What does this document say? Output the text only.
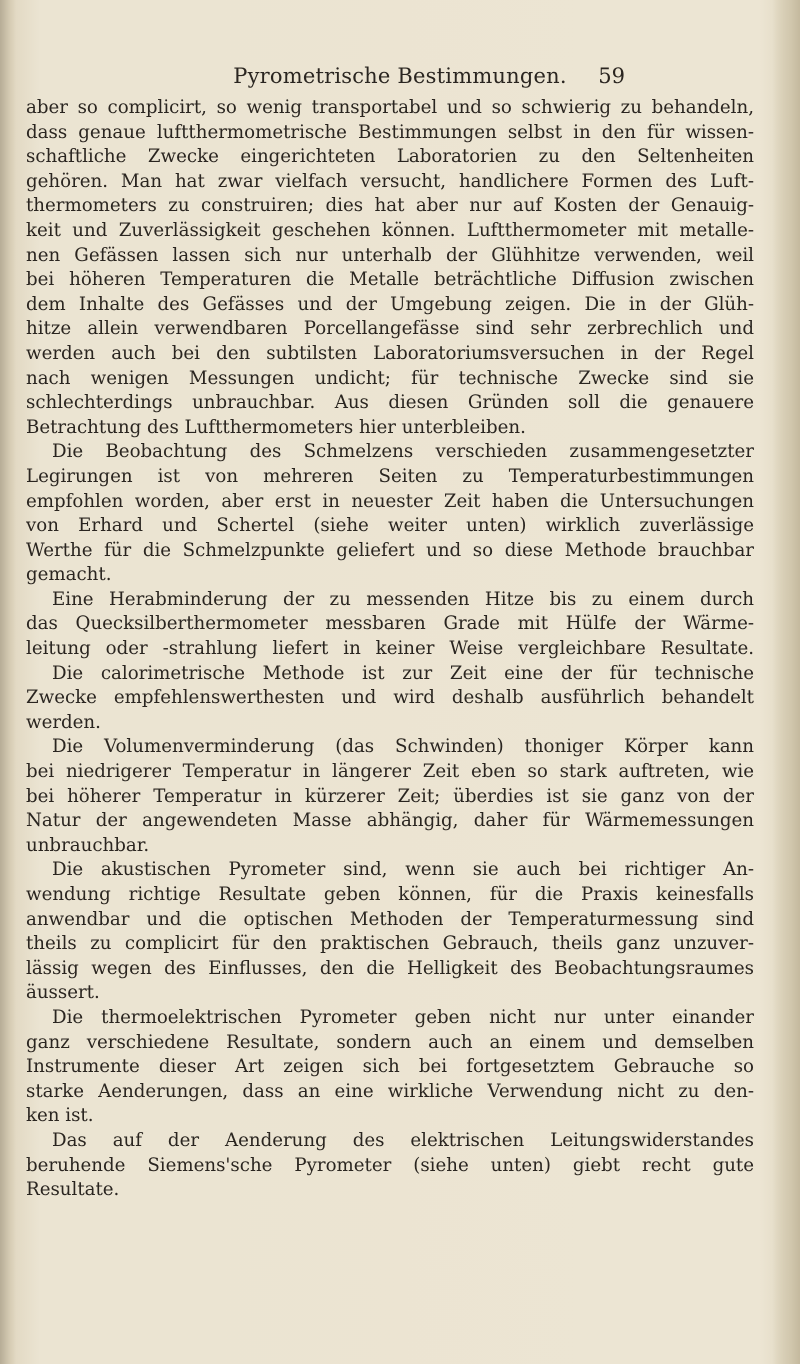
Pyrometrische Bestimmungen.	59
aber so complicirt, so wenig transportabel und so schwierig zu behandeln,
dass genaue luftthermometrische Bestimmungen selbst in den für wissen-
schaftliche Zwecke eingerichteten Laboratorien zu den Seltenheiten
gehören. Man hat zwar vielfach versucht, handlichere Formen des Luft-
thermometers zu construiren; dies hat aber nur auf Kosten der Genauig-
keit und Zuverlässigkeit geschehen können. Luftthermometer mit metalle-
nen Gefässen lassen sich nur unterhalb der Glühhitze verwenden, weil
bei höheren Temperaturen die Metalle beträchtliche Diffusion zwischen
dem Inhalte des Gefässes und der Umgebung zeigen. Die in der Glüh-
hitze allein verwendbaren Porcellangefässe sind sehr zerbrechlich und
werden auch bei den subtilsten Laboratoriumsversuchen in der Regel
nach wenigen Messungen undicht; für technische Zwecke sind sie
schlechterdings unbrauchbar. Aus diesen Gründen soll die genauere
Betrachtung des Luftthermometers hier unterbleiben.
Die Beobachtung des Schmelzens verschieden zusammengesetzter
Legirungen ist von mehreren Seiten zu Temperaturbestimmungen
empfohlen worden, aber erst in neuester Zeit haben die Untersuchungen
von Erhard und Schertel (siehe weiter unten) wirklich zuverlässige
Werthe für die Schmelzpunkte geliefert und so diese Methode brauchbar
gemacht.
Eine Herabminderung der zu messenden Hitze bis zu einem durch
das Quecksilberthermometer messbaren Grade mit Hülfe der Wärme-
leitung oder -strahlung liefert in keiner Weise vergleichbare Resultate.
Die calorimetrische Methode ist zur Zeit eine der für technische
Zwecke empfehlenswerthesten und wird deshalb ausführlich behandelt
werden.
Die Volumenverminderung (das Schwinden) thoniger Körper kann
bei niedrigerer Temperatur in längerer Zeit eben so stark auftreten, wie
bei höherer Temperatur in kürzerer Zeit; überdies ist sie ganz von der
Natur der angewendeten Masse abhängig, daher für Wärmemessungen
unbrauchbar.
Die akustischen Pyrometer sind, wenn sie auch bei richtiger An-
wendung richtige Resultate geben können, für die Praxis keinesfalls
anwendbar und die optischen Methoden der Temperaturmessung sind
theils zu complicirt für den praktischen Gebrauch, theils ganz unzuver-
lässig wegen des Einflusses, den die Helligkeit des Beobachtungsraumes
äussert.
Die thermoelektrischen Pyrometer geben nicht nur unter einander
ganz verschiedene Resultate, sondern auch an einem und demselben
Instrumente dieser Art zeigen sich bei fortgesetztem Gebrauche so
starke Aenderungen, dass an eine wirkliche Verwendung nicht zu den-
ken ist.
Das auf der Aenderung des elektrischen Leitungswiderstandes
beruhende Siemens'sche Pyrometer (siehe unten) giebt recht gute
Resultate.
